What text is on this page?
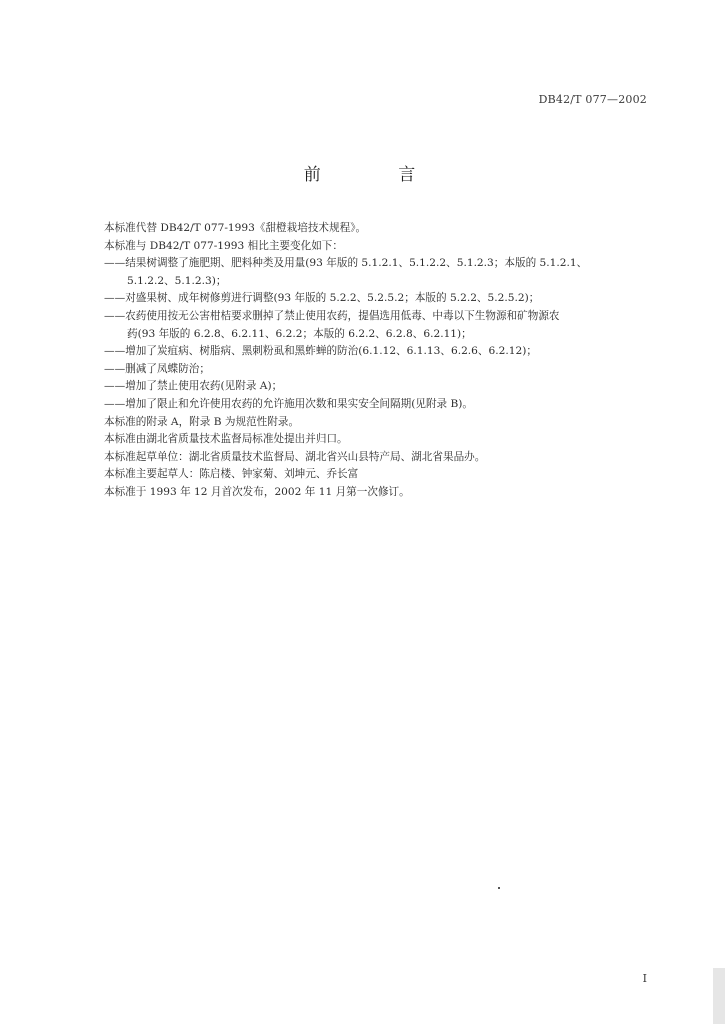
DB42/T 077—2002
前 言
本标准代替 DB42/T 077-1993《甜橙栽培技术规程》。
本标准与 DB42/T 077-1993 相比主要变化如下：
——结果树调整了施肥期、肥料种类及用量(93 年版的 5.1.2.1、5.1.2.2、5.1.2.3；本版的 5.1.2.1、
5.1.2.2、5.1.2.3)；
——对盛果树、成年树修剪进行调整(93 年版的 5.2.2、5.2.5.2；本版的 5.2.2、5.2.5.2)；
——农药使用按无公害柑桔要求删掉了禁止使用农药，提倡选用低毒、中毒以下生物源和矿物源农
药(93 年版的 6.2.8、6.2.11、6.2.2；本版的 6.2.2、6.2.8、6.2.11)；
——增加了炭疽病、树脂病、黑刺粉虱和黑蚱蝉的防治(6.1.12、6.1.13、6.2.6、6.2.12)；
——删减了凤蝶防治；
——增加了禁止使用农药(见附录 A)；
——增加了限止和允许使用农药的允许施用次数和果实安全间隔期(见附录 B)。
本标准的附录 A，附录 B 为规范性附录。
本标准由湖北省质量技术监督局标准处提出并归口。
本标准起草单位：湖北省质量技术监督局、湖北省兴山县特产局、湖北省果品办。
本标准主要起草人：陈启楼、钟家菊、刘坤元、乔长富
本标准于 1993 年 12 月首次发布，2002 年 11 月第一次修订。
I
